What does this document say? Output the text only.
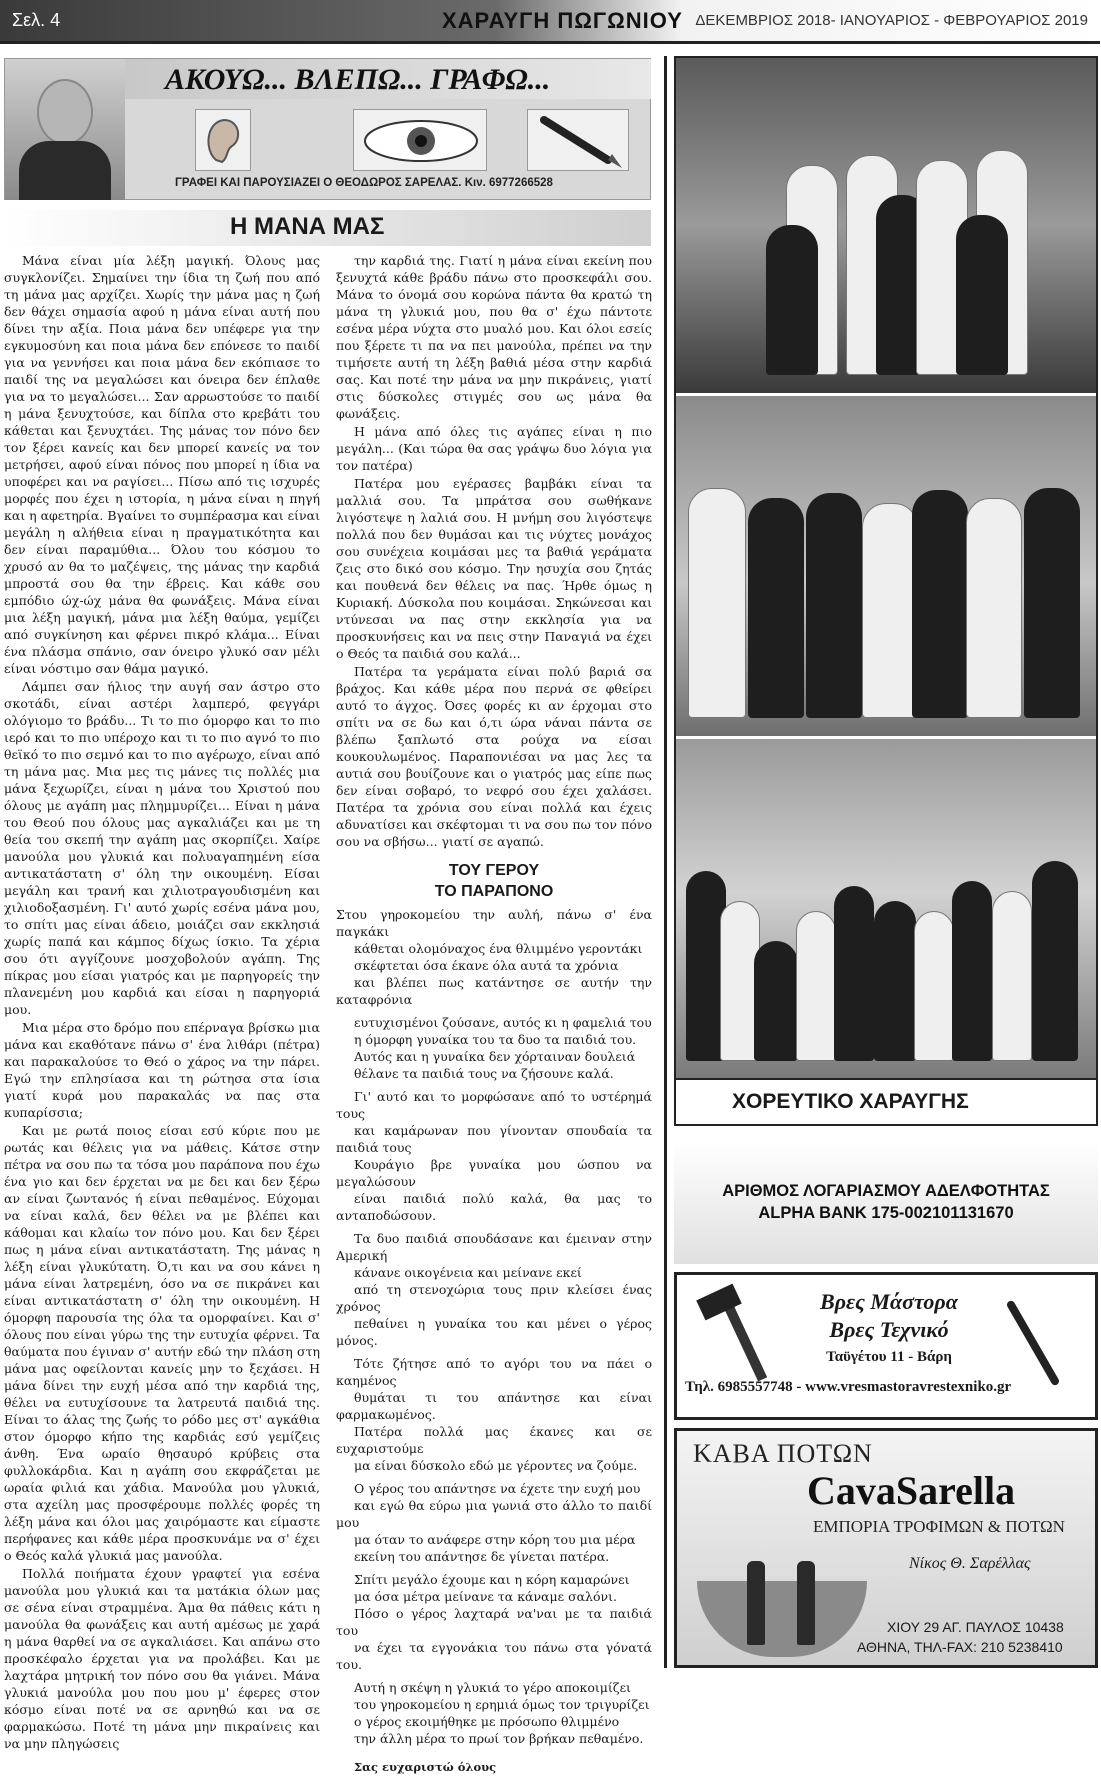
Σελ. 4	ΧΑΡΑΥΓΗ ΠΩΓΩΝΙΟΥ ΔΕΚΕΜΒΡΙΟΣ 2018- ΙΑΝΟΥΑΡΙΟΣ - ΦΕΒΡΟΥΑΡΙΟΣ 2019
ΑΚΟΥΩ... ΒΛΕΠΩ... ΓΡΑΦΩ...
ΓΡΑΦΕΙ ΚΑΙ ΠΑΡΟΥΣΙΑΖΕΙ Ο ΘΕΟΔΩΡΟΣ ΣΑΡΕΛΑΣ. Κιν. 6977266528
Η ΜΑΝΑ ΜΑΣ

Μάνα είναι μία λέξη μαγική. Όλους μας συγκλονίζει. Σημαίνει την ίδια τη ζωή που από τη μάνα μας αρχίζει. Χωρίς την μάνα μας η ζωή δεν θάχει σημασία αφού η μάνα είναι αυτή που δίνει την αξία. Ποια μάνα δεν υπέφερε για την εγκυμοσύνη και ποια μάνα δεν επόνεσε το παιδί για να γεννήσει και ποια μάνα δεν εκόπιασε το παιδί της να μεγαλώσει και όνειρα δεν έπλαθε για να το μεγαλώσει... Σαν αρρωστούσε το παιδί η μάνα ξενυχτούσε, και δίπλα στο κρεβάτι του κάθεται και ξενυχτάει. Της μάνας τον πόνο δεν τον ξέρει κανείς και δεν μπορεί κανείς να τον μετρήσει, αφού είναι πόνος που μπορεί η ίδια να υποφέρει και να ραγίσει... Πίσω από τις ισχυρές μορφές που έχει η ιστορία, η μάνα είναι η πηγή και η αφετηρία. Βγαίνει το συμπέρασμα και είναι μεγάλη η αλήθεια είναι η πραγματικότητα και δεν είναι παραμύθια... Όλου του κόσμου το χρυσό αν θα το μαζέψεις, της μάνας την καρδιά μπροστά σου θα την έβρεις. Και κάθε σου εμπόδιο ώχ-ώχ μάνα θα φωνάξεις. Μάνα είναι μια λέξη μαγική, μάνα μια λέξη θαύμα, γεμίζει από συγκίνηση και φέρνει πικρό κλάμα... Είναι ένα πλάσμα σπάνιο, σαν όνειρο γλυκό σαν μέλι είναι νόστιμο σαν θάμα μαγικό.

Λάμπει σαν ήλιος την αυγή σαν άστρο στο σκοτάδι, είναι αστέρι λαμπερό, φεγγάρι ολόγιομο το βράδυ... Τι το πιο όμορφο και το πιο ιερό και το πιο υπέροχο και τι το πιο αγνό το πιο θεϊκό το πιο σεμνό και το πιο αγέρωχο, είναι από τη μάνα μας. Μια μες τις μάνες τις πολλές μια μάνα ξεχωρίζει, είναι η μάνα του Χριστού που όλους με αγάπη μας πλημμυρίζει... Είναι η μάνα του Θεού που όλους μας αγκαλιάζει και με τη θεία του σκεπή την αγάπη μας σκορπίζει. Χαίρε μανούλα μου γλυκιά και πολυαγαπημένη είσα αντικατάστατη σ' όλη την οικουμένη. Είσαι μεγάλη και τρανή και χιλιοτραγουδισμένη και χιλιοδοξασμένη. Γι' αυτό χωρίς εσένα μάνα μου, το σπίτι μας είναι άδειο, μοιάζει σαν εκκλησιά χωρίς παπά και κάμπος δίχως ίσκιο. Τα χέρια σου ότι αγγίζουνε μοσχοβολούν αγάπη. Της πίκρας μου είσαι γιατρός και με παρηγορείς την πλανεμένη μου καρδιά και είσαι η παρηγοριά μου.

Μια μέρα στο δρόμο που επέρναγα βρίσκω μια μάνα και εκαθότανε πάνω σ' ένα λιθάρι (πέτρα) και παρακαλούσε το Θεό ο χάρος να την πάρει. Εγώ την επλησίασα και τη ρώτησα στα ίσια γιατί κυρά μου παρακαλάς να πας στα κυπαρίσσια;

Και με ρωτά ποιος είσαι εσύ κύριε που με ρωτάς και θέλεις για να μάθεις. Κάτσε στην πέτρα να σου πω τα τόσα μου παράπονα που έχω ένα γιο και δεν έρχεται να με δει και δεν ξέρω αν είναι ζωντανός ή είναι πεθαμένος. Εύχομαι να είναι καλά, δεν θέλει να με βλέπει και κάθομαι και κλαίω τον πόνο μου. Και δεν ξέρει πως η μάνα είναι αντικατάστατη. Της μάνας η λέξη είναι γλυκύτατη. Ό,τι και να σου κάνει η μάνα είναι λατρεμένη, όσο να σε πικράνει και είναι αντικατάστατη σ' όλη την οικουμένη. Η όμορφη παρουσία της όλα τα ομορφαίνει. Και σ' όλους που είναι γύρω της την ευτυχία φέρνει. Τα θαύματα που έγιναν σ' αυτήν εδώ την πλάση στη μάνα μας οφείλονται κανείς μην το ξεχάσει. Η μάνα δίνει την ευχή μέσα από την καρδιά της, θέλει να ευτυχίσουνε τα λατρευτά παιδιά της. Είναι το άλας της ζωής το ρόδο μες στ' αγκάθια στον όμορφο κήπο της καρδιάς εσύ γεμίζεις άνθη. Ένα ωραίο θησαυρό κρύβεις στα φυλλοκάρδια. Και η αγάπη σου εκφράζεται με ωραία φιλιά και χάδια. Μανούλα μου γλυκιά, στα αχείλη μας προσφέρουμε πολλές φορές τη λέξη μάνα και όλοι μας χαιρόμαστε και είμαστε περήφανες και κάθε μέρα προσκυνάμε να σ' έχει ο Θεός καλά γλυκιά μας μανούλα.

Πολλά ποιήματα έχουν γραφτεί για εσένα μανούλα μου γλυκιά και τα ματάκια όλων μας σε σένα είναι στραμμένα. Άμα θα πάθεις κάτι η μανούλα θα φωνάξεις και αυτή αμέσως με χαρά η μάνα θαρθεί να σε αγκαλιάσει. Και απάνω στο προσκέφαλο έρχεται για να προλάβει. Και με λαχτάρα μητρική τον πόνο σου θα γιάνει. Μάνα γλυκιά μανούλα μου που μου μ' έφερες στον κόσμο είναι ποτέ να σε αρνηθώ και να σε φαρμακώσω. Ποτέ τη μάνα μην πικραίνεις και να μην πληγώσεις

την καρδιά της. Γιατί η μάνα είναι εκείνη που ξενυχτά κάθε βράδυ πάνω στο προσκεφάλι σου. Μάνα το όνομά σου κορώνα πάντα θα κρατώ τη μάνα τη γλυκιά μου, που θα σ' έχω πάντοτε εσένα μέρα νύχτα στο μυαλό μου. Και όλοι εσείς που ξέρετε τι πα να πει μανούλα, πρέπει να την τιμήσετε αυτή τη λέξη βαθιά μέσα στην καρδιά σας. Και ποτέ την μάνα να μην πικράνεις, γιατί στις δύσκολες στιγμές σου ως μάνα θα φωνάξεις.

Η μάνα από όλες τις αγάπες είναι η πιο μεγάλη... (Και τώρα θα σας γράψω δυο λόγια για τον πατέρα)

Πατέρα μου εγέρασες βαμβάκι είναι τα μαλλιά σου. Τα μπράτσα σου σωθήκανε λιγόστεψε η λαλιά σου. Η μνήμη σου λιγόστεψε πολλά που δεν θυμάσαι και τις νύχτες μονάχος σου συνέχεια κοιμάσαι μες τα βαθιά γεράματα ζεις στο δικό σου κόσμο. Την ησυχία σου ζητάς και πουθενά δεν θέλεις να πας. Ήρθε όμως η Κυριακή. Δύσκολα που κοιμάσαι. Σηκώνεσαι και ντύνεσαι να πας στην εκκλησία για να προσκυνήσεις και να πεις στην Παναγιά να έχει ο Θεός τα παιδιά σου καλά...

Πατέρα τα γεράματα είναι πολύ βαριά σα βράχος. Και κάθε μέρα που περνά σε φθείρει αυτό το άγχος. Όσες φορές κι αν έρχομαι στο σπίτι να σε δω και ό,τι ώρα νάναι πάντα σε βλέπω ξαπλωτό στα ρούχα να είσαι κουκουλωμένος. Παραπονιέσαι να μας λες τα αυτιά σου βουίζουνε και ο γιατρός μας είπε πως δεν είναι σοβαρό, το νεφρό σου έχει χαλάσει. Πατέρα τα χρόνια σου είναι πολλά και έχεις αδυνατίσει και σκέφτομαι τι να σου πω τον πόνο σου να σβήσω... γιατί σε αγαπώ.

ΤΟΥ ΓΕΡΟΥ
ΤΟ ΠΑΡΑΠΟΝΟ

Στου γηροκομείου την αυλή, πάνω σ' ένα παγκάκι
κάθεται ολομόναχος ένα θλιμμένο γεροντάκι
σκέφτεται όσα έκανε όλα αυτά τα χρόνια
και βλέπει πως κατάντησε σε αυτήν την καταφρόνια

ευτυχισμένοι ζούσανε, αυτός κι η φαμελιά του
η όμορφη γυναίκα του τα δυο τα παιδιά του.
Αυτός και η γυναίκα δεν χόρταιναν δουλειά
θέλανε τα παιδιά τους να ζήσουνε καλά.

Γι' αυτό και το μορφώσανε από το υστέρημά τους
και καμάρωναν που γίνονταν σπουδαία τα παιδιά τους
Κουράγιο βρε γυναίκα μου ώσπου να μεγαλώσουν
είναι παιδιά πολύ καλά, θα μας το ανταποδώσουν.

Τα δυο παιδιά σπουδάσανε και έμειναν στην Αμερική
κάνανε οικογένεια και μείνανε εκεί
από τη στενοχώρια τους πριν κλείσει ένας χρόνος
πεθαίνει η γυναίκα του και μένει ο γέρος μόνος.

Τότε ζήτησε από το αγόρι του να πάει ο καημένος
θυμάται τι του απάντησε και είναι φαρμακωμένος.
Πατέρα πολλά μας έκανες και σε ευχαριστούμε
μα είναι δύσκολο εδώ με γέροντες να ζούμε.

Ο γέρος του απάντησε να έχετε την ευχή μου
και εγώ θα εύρω μια γωνιά στο άλλο το παιδί μου
μα όταν το ανάφερε στην κόρη του μια μέρα
εκείνη του απάντησε δε γίνεται πατέρα.

Σπίτι μεγάλο έχουμε και η κόρη καμαρώνει
μα όσα μέτρα μείνανε τα κάναμε σαλόνι.
Πόσο ο γέρος λαχταρά να'ναι με τα παιδιά του
να έχει τα εγγονάκια του πάνω στα γόνατά του.

Αυτή η σκέψη η γλυκιά το γέρο αποκοιμίζει
του γηροκομείου η ερημιά όμως τον τριγυρίζει
ο γέρος εκοιμήθηκε με πρόσωπο θλιμμένο
την άλλη μέρα το πρωί τον βρήκαν πεθαμένο.

Σας ευχαριστώ όλους

ΧΟΡΕΥΤΙΚΟ ΧΑΡΑΥΓΗΣ
ΑΡΙΘΜΟΣ ΛΟΓΑΡΙΑΣΜΟΥ ΑΔΕΛΦΟΤΗΤΑΣ
ALPHA BANK 175-002101131670
Βρες Μάστορα
Βρες Τεχνικό
Ταϋγέτου 11 - Βάρη
Τηλ. 6985557748 - www.vresmastoravrestexniko.gr
ΚΑΒΑ ΠΟΤΩΝ
CavaSarella
ΕΜΠΟΡΙΑ ΤΡΟΦΙΜΩΝ & ΠΟΤΩΝ
Νίκος Θ. Σαρέλλας
ΧΙΟΥ 29 ΑΓ. ΠΑΥΛΟΣ 10438
ΑΘΗΝΑ, ΤΗΛ-FAX: 210 5238410
